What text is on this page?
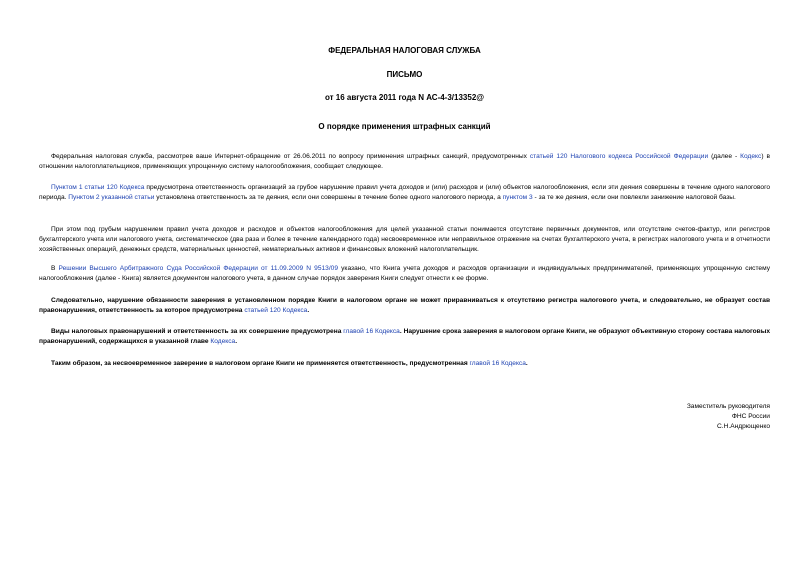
ФЕДЕРАЛЬНАЯ НАЛОГОВАЯ СЛУЖБА
ПИСЬМО
от 16 августа 2011 года N АС-4-3/13352@
О порядке применения штрафных санкций
Федеральная налоговая служба, рассмотрев ваше Интернет-обращение от 26.06.2011 по вопросу применения штрафных санкций, предусмотренных статьей 120 Налогового кодекса Российской Федерации (далее - Кодекс) в отношении налогоплательщиков, применяющих упрощенную систему налогообложения, сообщает следующее.
Пунктом 1 статьи 120 Кодекса предусмотрена ответственность организаций за грубое нарушение правил учета доходов и (или) расходов и (или) объектов налогообложения, если эти деяния совершены в течение одного налогового периода. Пунктом 2 указанной статьи установлена ответственность за те деяния, если они совершены в течение более одного налогового периода, а пунктом 3 - за те же деяния, если они повлекли занижение налоговой базы.
При этом под грубым нарушением правил учета доходов и расходов и объектов налогообложения для целей указанной статьи понимается отсутствие первичных документов, или отсутствие счетов-фактур, или регистров бухгалтерского учета или налогового учета, систематическое (два раза и более в течение календарного года) несвоевременное или неправильное отражение на счетах бухгалтерского учета, в регистрах налогового учета и в отчетности хозяйственных операций, денежных средств, материальных ценностей, нематериальных активов и финансовых вложений налогоплательщик.
В Решении Высшего Арбитражного Суда Российской Федерации от 11.09.2009 N 9513/09 указано, что Книга учета доходов и расходов организации и индивидуальных предпринимателей, применяющих упрощенную систему налогообложения (далее - Книга) является документом налогового учета, в данном случае порядок заверения Книги следует отнести к ее форме.
Следовательно, нарушение обязанности заверения в установленном порядке Книги в налоговом органе не может приравниваться к отсутствию регистра налогового учета, и следовательно, не образует состав правонарушения, ответственность за которое предусмотрена статьей 120 Кодекса.
Виды налоговых правонарушений и ответственность за их совершение предусмотрена главой 16 Кодекса. Нарушение срока заверения в налоговом органе Книги, не образуют объективную сторону состава налоговых правонарушений, содержащихся в указанной главе Кодекса.
Таким образом, за несвоевременное заверение в налоговом органе Книги не применяется ответственность, предусмотренная главой 16 Кодекса.
Заместитель руководителя
ФНС России
С.Н.Андрющенко
